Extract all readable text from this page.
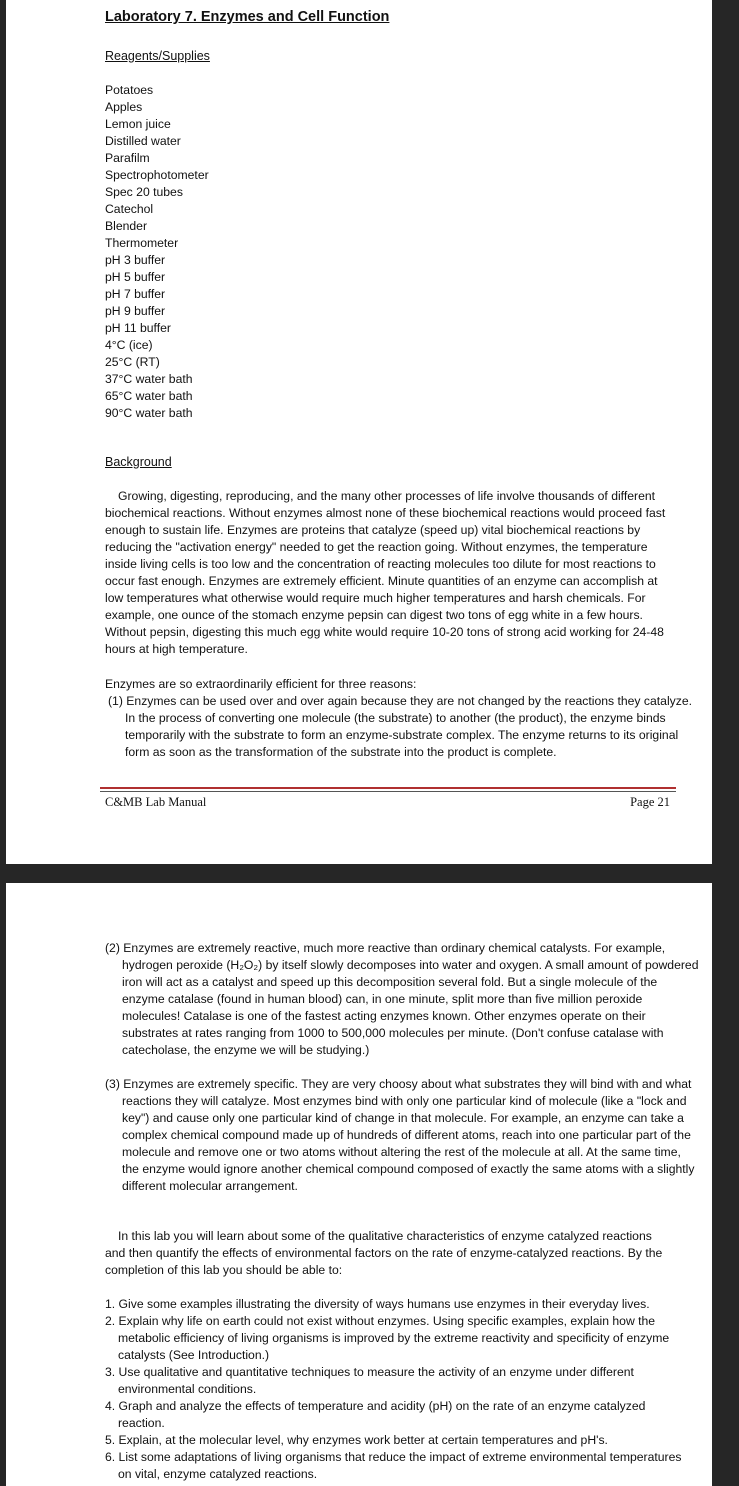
Laboratory 7. Enzymes and Cell Function
Reagents/Supplies
Potatoes
Apples
Lemon juice
Distilled water
Parafilm
Spectrophotometer
Spec 20 tubes
Catechol
Blender
Thermometer
pH 3 buffer
pH 5 buffer
pH 7 buffer
pH 9 buffer
pH 11 buffer
4°C (ice)
25°C (RT)
37°C water bath
65°C water bath
90°C water bath
Background
Growing, digesting, reproducing, and the many other processes of life involve thousands of different biochemical reactions. Without enzymes almost none of these biochemical reactions would proceed fast enough to sustain life. Enzymes are proteins that catalyze (speed up) vital biochemical reactions by reducing the "activation energy" needed to get the reaction going. Without enzymes, the temperature inside living cells is too low and the concentration of reacting molecules too dilute for most reactions to occur fast enough. Enzymes are extremely efficient. Minute quantities of an enzyme can accomplish at low temperatures what otherwise would require much higher temperatures and harsh chemicals. For example, one ounce of the stomach enzyme pepsin can digest two tons of egg white in a few hours. Without pepsin, digesting this much egg white would require 10-20 tons of strong acid working for 24-48 hours at high temperature.
Enzymes are so extraordinarily efficient for three reasons:
(1) Enzymes can be used over and over again because they are not changed by the reactions they catalyze. In the process of converting one molecule (the substrate) to another (the product), the enzyme binds temporarily with the substrate to form an enzyme-substrate complex. The enzyme returns to its original form as soon as the transformation of the substrate into the product is complete.
C&MB Lab Manual	Page 21
(2) Enzymes are extremely reactive, much more reactive than ordinary chemical catalysts. For example, hydrogen peroxide (H₂O₂) by itself slowly decomposes into water and oxygen. A small amount of powdered iron will act as a catalyst and speed up this decomposition several fold. But a single molecule of the enzyme catalase (found in human blood) can, in one minute, split more than five million peroxide molecules! Catalase is one of the fastest acting enzymes known. Other enzymes operate on their substrates at rates ranging from 1000 to 500,000 molecules per minute. (Don't confuse catalase with catecholase, the enzyme we will be studying.)
(3) Enzymes are extremely specific. They are very choosy about what substrates they will bind with and what reactions they will catalyze. Most enzymes bind with only one particular kind of molecule (like a "lock and key") and cause only one particular kind of change in that molecule. For example, an enzyme can take a complex chemical compound made up of hundreds of different atoms, reach into one particular part of the molecule and remove one or two atoms without altering the rest of the molecule at all. At the same time, the enzyme would ignore another chemical compound composed of exactly the same atoms with a slightly different molecular arrangement.
In this lab you will learn about some of the qualitative characteristics of enzyme catalyzed reactions and then quantify the effects of environmental factors on the rate of enzyme-catalyzed reactions. By the completion of this lab you should be able to:
1. Give some examples illustrating the diversity of ways humans use enzymes in their everyday lives.
2. Explain why life on earth could not exist without enzymes. Using specific examples, explain how the metabolic efficiency of living organisms is improved by the extreme reactivity and specificity of enzyme catalysts (See Introduction.)
3. Use qualitative and quantitative techniques to measure the activity of an enzyme under different environmental conditions.
4. Graph and analyze the effects of temperature and acidity (pH) on the rate of an enzyme catalyzed reaction.
5. Explain, at the molecular level, why enzymes work better at certain temperatures and pH's.
6. List some adaptations of living organisms that reduce the impact of extreme environmental temperatures on vital, enzyme catalyzed reactions.
